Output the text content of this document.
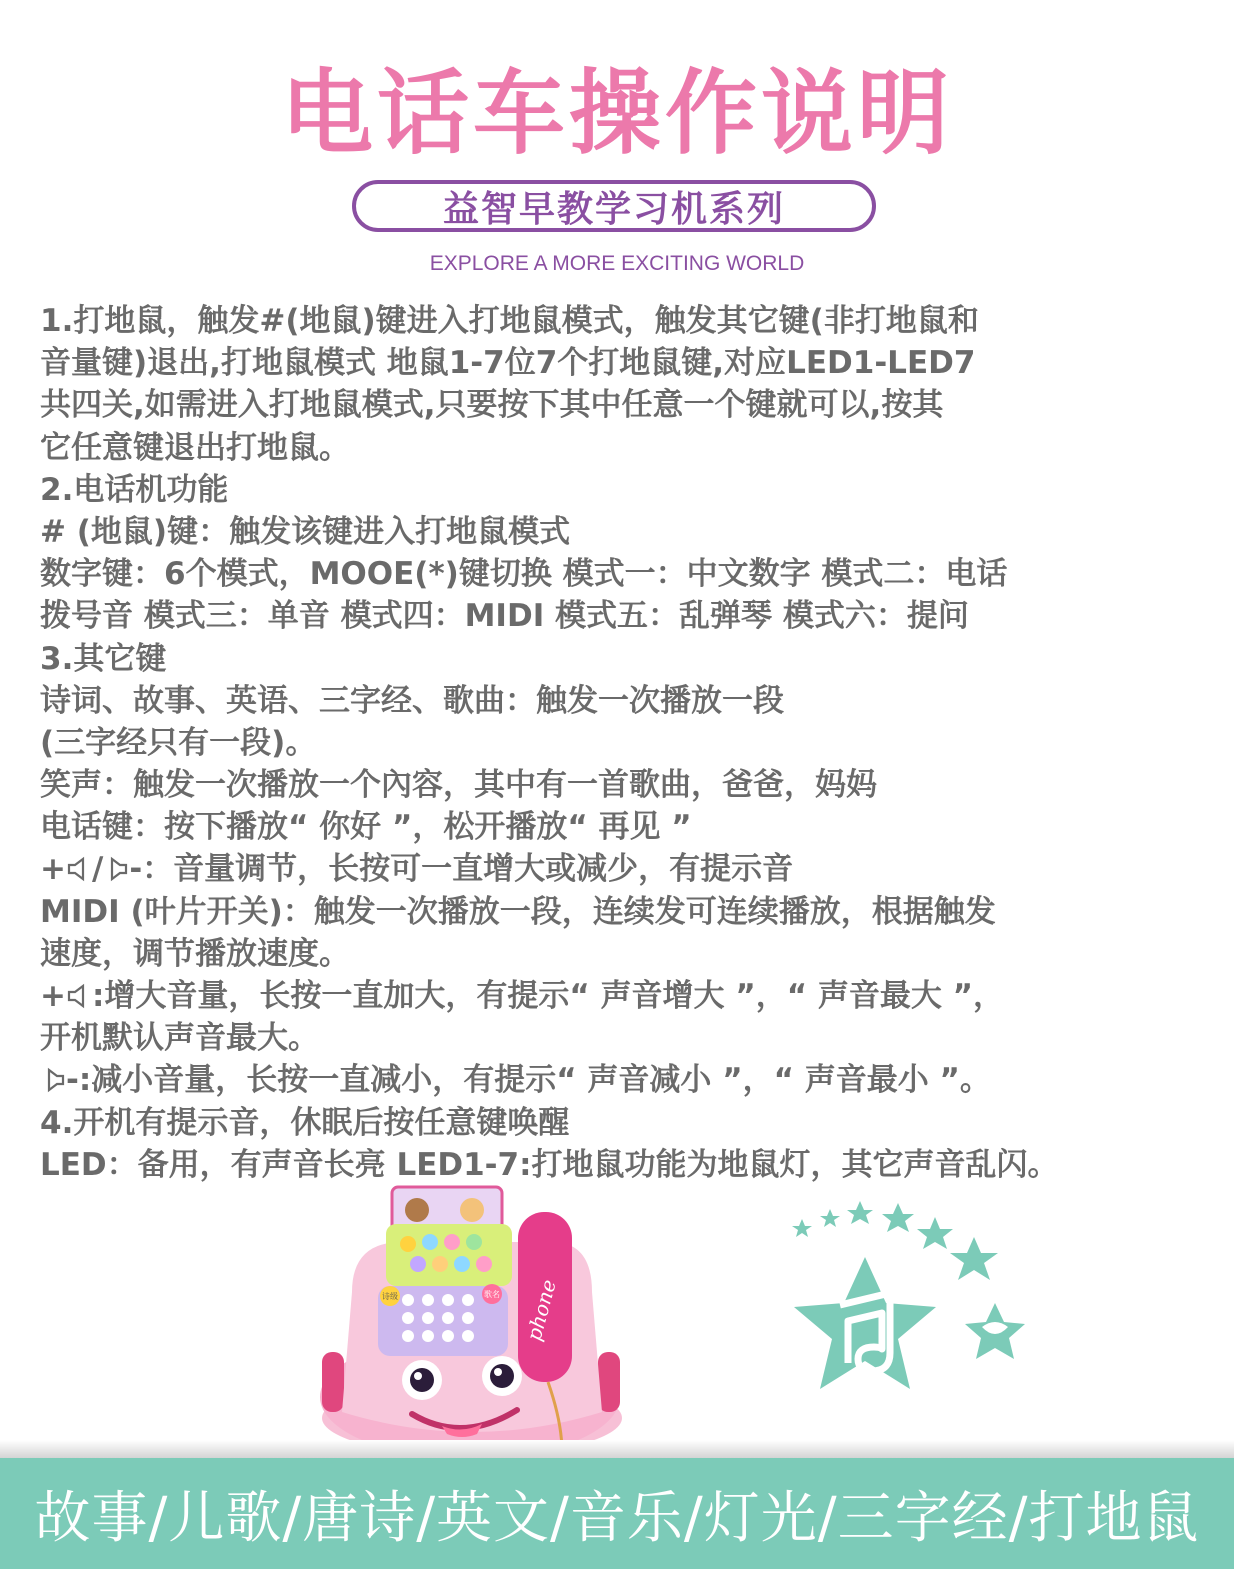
电话车操作说明
益智早教学习机系列
EXPLORE A MORE EXCITING WORLD
1.打地鼠，触发#(地鼠)键进入打地鼠模式，触发其它键(非打地鼠和
音量键)退出,打地鼠模式 地鼠1-7位7个打地鼠键,对应LED1-LED7
共四关,如需进入打地鼠模式,只要按下其中任意一个键就可以,按其
它任意键退出打地鼠。
2.电话机功能
# (地鼠)键：触发该键进入打地鼠模式
数字键：6个模式，MOOE(*)键切换 模式一：中文数字 模式二：电话
拨号音 模式三：单音 模式四：MIDI 模式五：乱弹琴 模式六：提问
3.其它键
诗词、故事、英语、三字经、歌曲：触发一次播放一段
(三字经只有一段)。
笑声：触发一次播放一个內容，其中有一首歌曲，爸爸，妈妈
电话键：按下播放“ 你好 ”，松开播放“ 再见 ”
+ / -：音量调节，长按可一直增大或减少，有提示音
MIDI (叶片开关)：触发一次播放一段，连续发可连续播放，根据触发
速度，调节播放速度。
+ :增大音量，长按一直加大，有提示“ 声音增大 ”，“ 声音最大 ”，
开机默认声音最大。
-:减小音量，长按一直减小，有提示“ 声音减小 ”，“ 声音最小 ”。
4.开机有提示音，休眠后按任意键唤醒
LED：备用，有声音长亮 LED1-7:打地鼠功能为地鼠灯，其它声音乱闪。
诗级	歌名 phone
故事/儿歌/唐诗/英文/音乐/灯光/三字经/打地鼠
